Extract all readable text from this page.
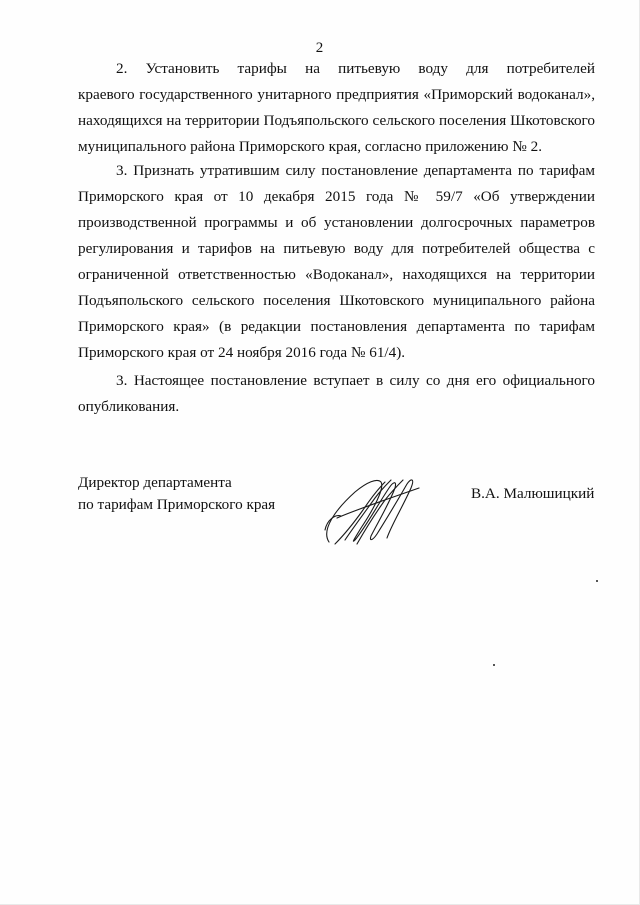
2
2. Установить тарифы на питьевую воду для потребителей
краевого государственного унитарного предприятия «Приморский водоканал»,
находящихся на территории Подъяпольского сельского поселения Шкотовского
муниципального района Приморского края, согласно приложению № 2.
3. Признать утратившим силу постановление департамента по тарифам
Приморского края от 10 декабря 2015 года № 59/7 «Об утверждении
производственной программы и об установлении долгосрочных параметров
регулирования и тарифов на питьевую воду для потребителей общества с
ограниченной ответственностью «Водоканал», находящихся на территории
Подъяпольского сельского поселения Шкотовского муниципального района
Приморского края» (в редакции постановления департамента по тарифам
Приморского края от 24 ноября 2016 года № 61/4).
3. Настоящее постановление вступает в силу со дня его официального
опубликования.
Директор департамента
по тарифам Приморского края
В.А. Малюшицкий
